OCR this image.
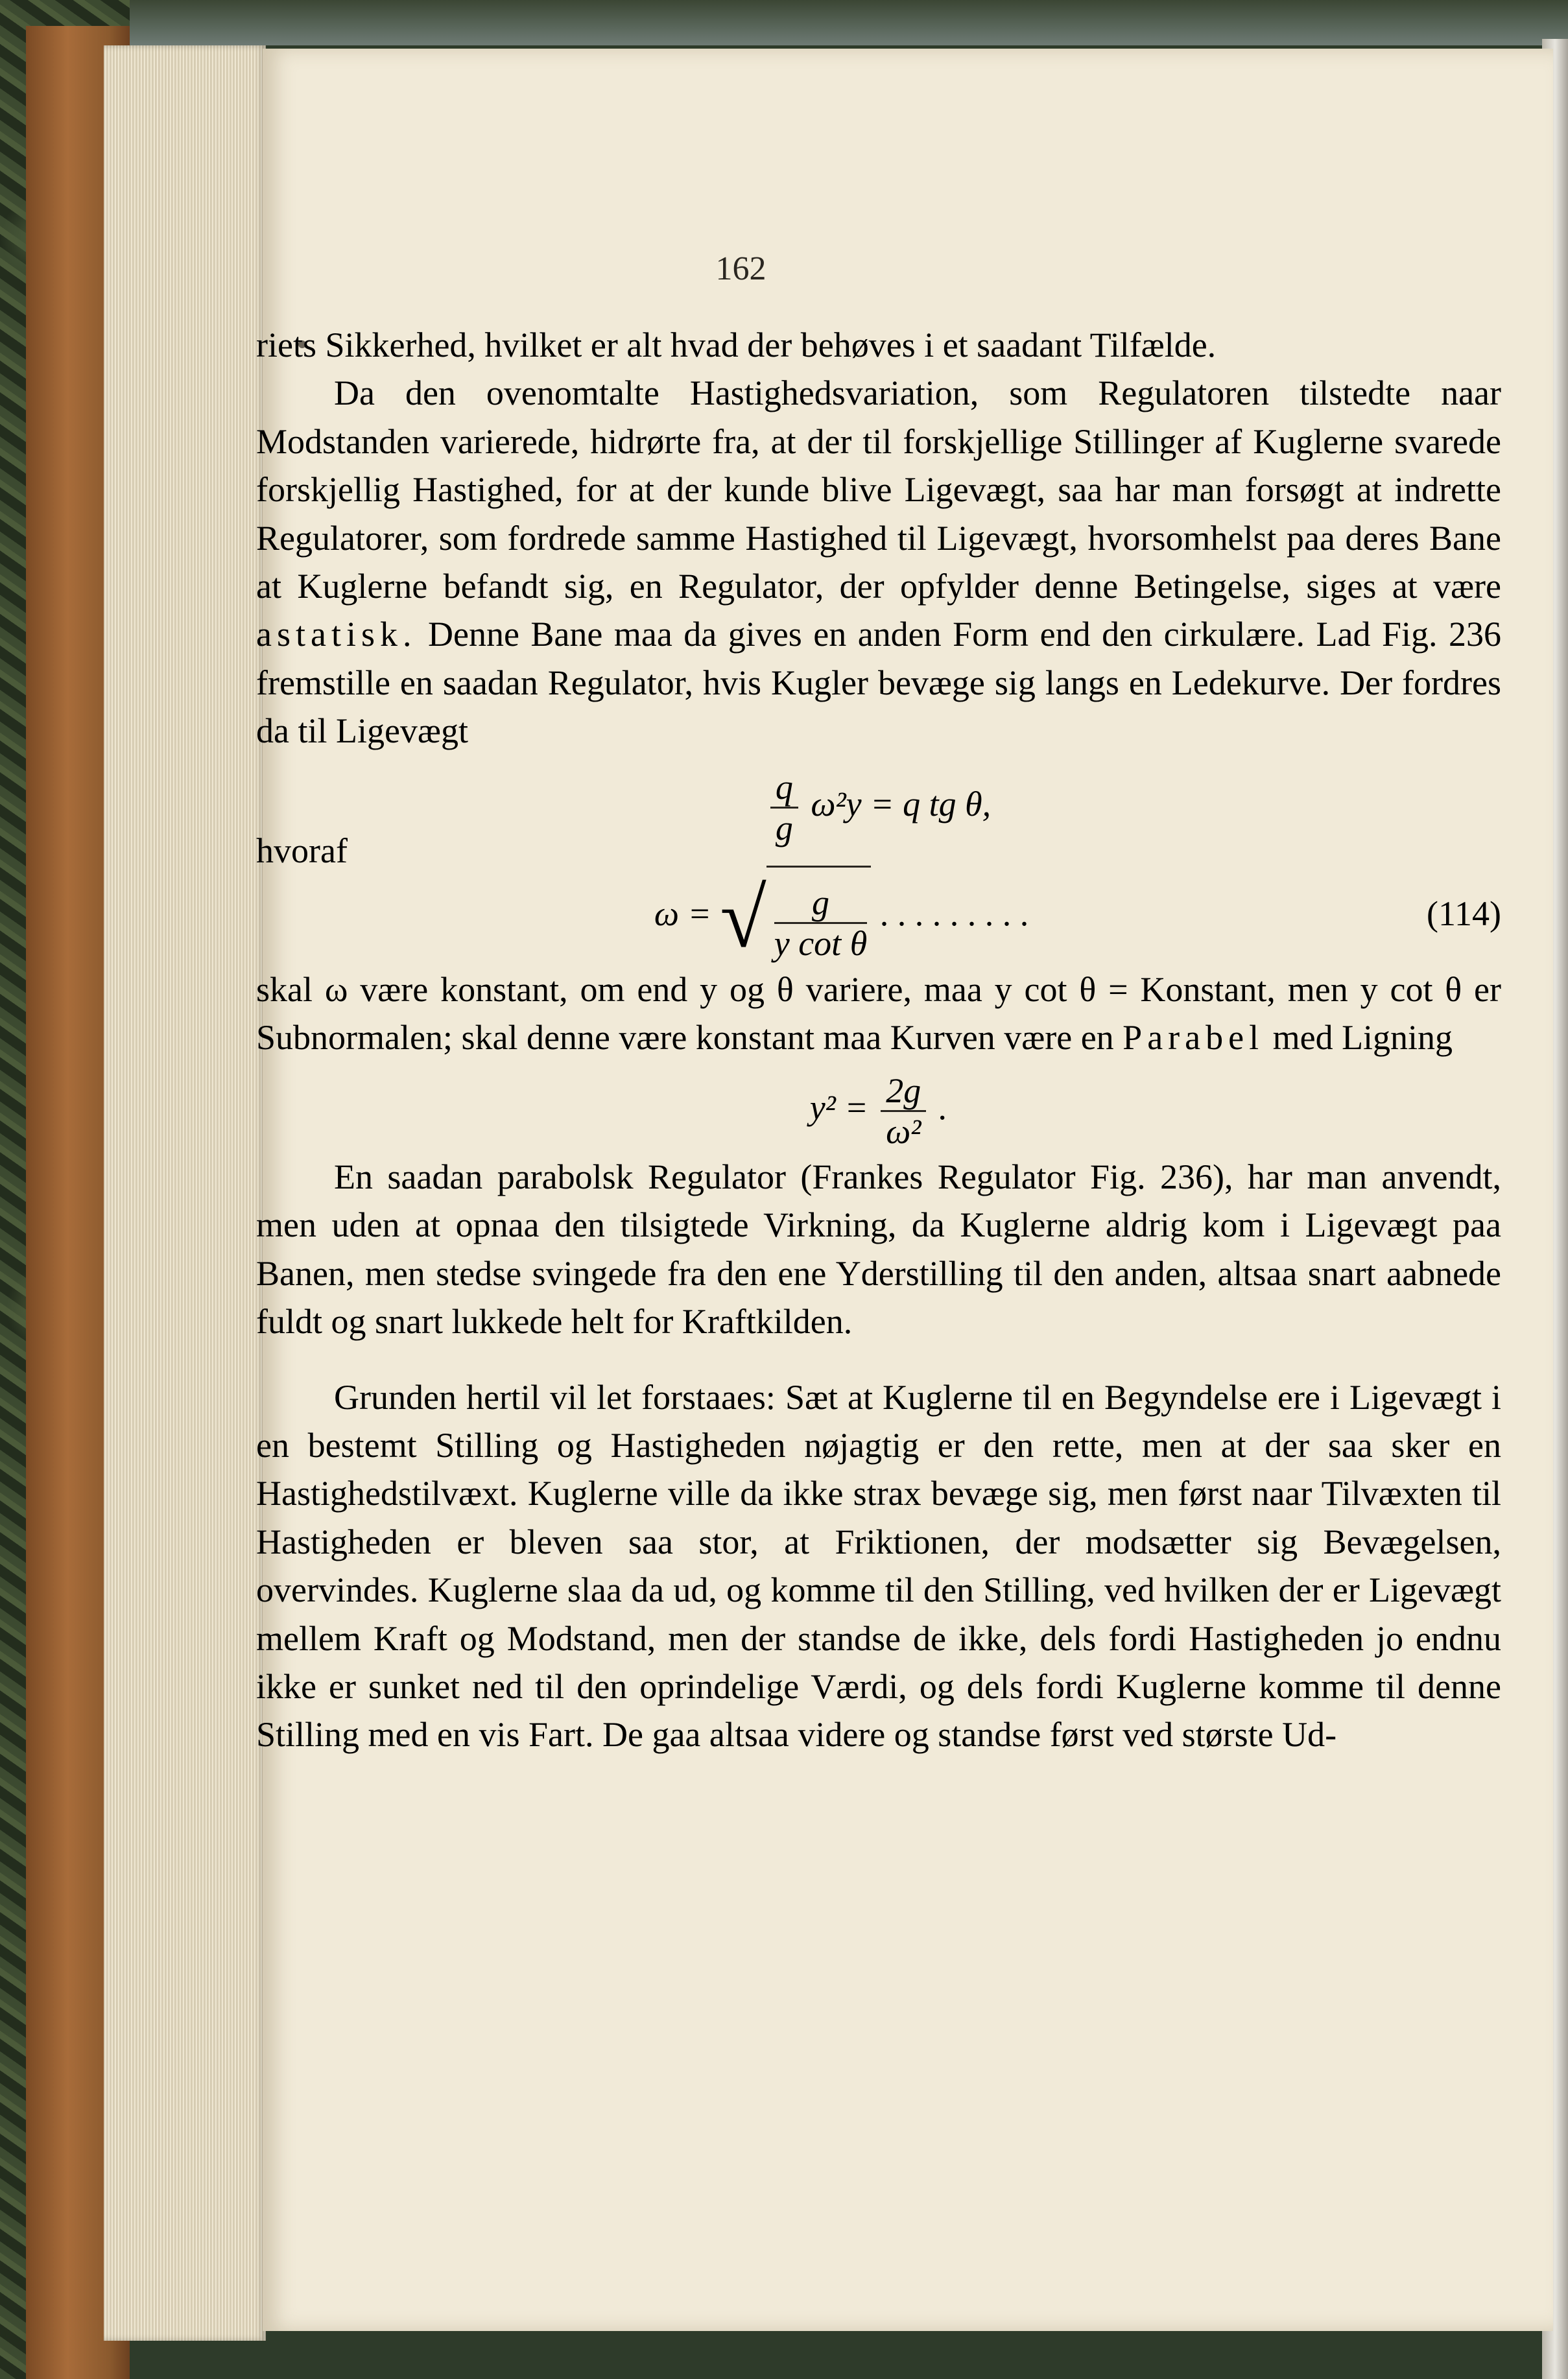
162

riets Sikkerhed, hvilket er alt hvad der behøves i et saadant Tilfælde.

Da den ovenomtalte Hastighedsvariation, som Regulatoren tilstedte naar Modstanden varierede, hidrørte fra, at der til forskjellige Stillinger af Kuglerne svarede forskjellig Hastighed, for at der kunde blive Ligevægt, saa har man forsøgt at indrette Regulatorer, som fordrede samme Hastighed til Ligevægt, hvorsomhelst paa deres Bane at Kuglerne befandt sig, en Regulator, der opfylder denne Betingelse, siges at være astatisk. Denne Bane maa da gives en anden Form end den cirkulære. Lad Fig. 236 fremstille en saadan Regulator, hvis Kugler bevæge sig langs en Ledekurve. Der fordres da til Ligevægt

$\frac{q}{g} \omega^2y = q$ tg θ,

hvoraf

ω = √ $\frac{g}{\text{y cot θ}}$ . . . . . . . . .	(114)

skal ω være konstant, om end y og θ variere, maa y cot θ = Konstant, men y cot θ er Subnormalen; skal denne være konstant maa Kurven være en Parabel med Ligning

$y^2 = \frac{2g}{\text{ω²}}$ .

En saadan parabolsk Regulator (Frankes Regulator Fig. 236), har man anvendt, men uden at opnaa den tilsigtede Virkning, da Kuglerne aldrig kom i Ligevægt paa Banen, men stedse svingede fra den ene Yderstilling til den anden, altsaa snart aabnede fuldt og snart lukkede helt for Kraftkilden.

Grunden hertil vil let forstaaes: Sæt at Kuglerne til en Begyndelse ere i Ligevægt i en bestemt Stilling og Hastigheden nøjagtig er den rette, men at der saa sker en Hastighedstilvæxt. Kuglerne ville da ikke strax bevæge sig, men først naar Tilvæxten til Hastigheden er bleven saa stor, at Friktionen, der modsætter sig Bevægelsen, overvindes. Kuglerne slaa da ud, og komme til den Stilling, ved hvilken der er Ligevægt mellem Kraft og Modstand, men der standse de ikke, dels fordi Hastigheden jo endnu ikke er sunket ned til den oprindelige Værdi, og dels fordi Kuglerne komme til denne Stilling med en vis Fart. De gaa altsaa videre og standse først ved største Ud-
